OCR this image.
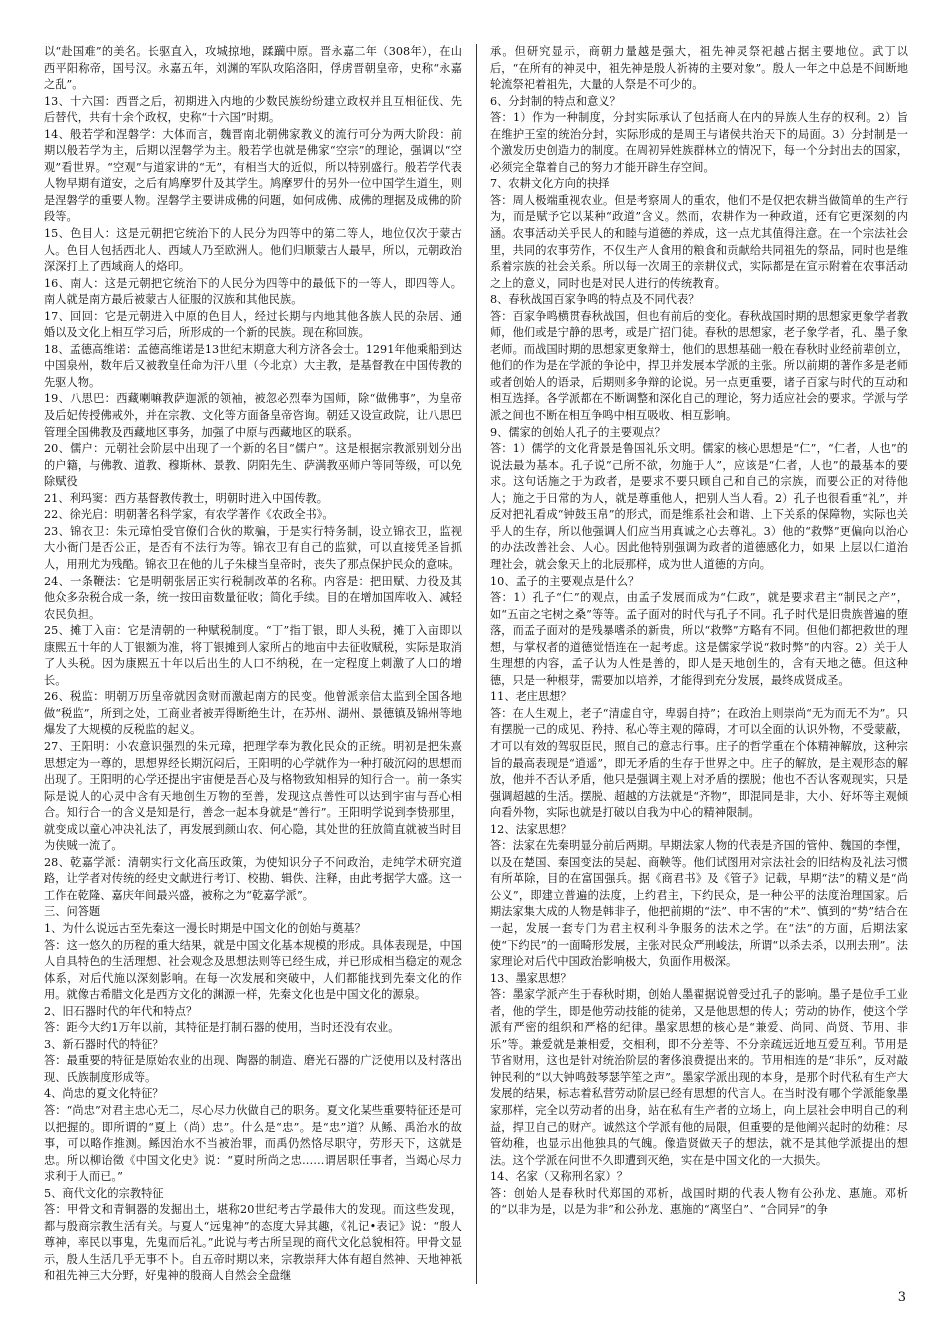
以“赴国难”的美名。长驱直入，攻城掠地，蹂躏中原。晋永嘉二年（308年），在山西平阳称帝，国号汉。永嘉五年，刘渊的军队攻陷洛阳，俘虏晋朝皇帝，史称“永嘉之乱”。

13、十六国：西晋之后，初期进入内地的少数民族纷纷建立政权并且互相征伐、先后替代，共有十余个政权，史称“十六国”时期。

14、般若学和涅磐学：大体而言，魏晋南北朝佛家教义的流行可分为两大阶段：前期以般若学为主，后期以涅磐学为主。般若学也就是佛家“空宗”的理论，强调以“空观”看世界。“空观”与道家讲的“无”，有相当大的近似，所以特别盛行。般若学代表人物早期有道安，之后有鸠摩罗什及其学生。鸠摩罗什的另外一位中国学生道生，则是涅磐学的重要人物。涅磐学主要讲成佛的问题，如何成佛、成佛的理据及成佛的阶段等。

15、色目人：这是元朝把它统治下的人民分为四等中的第二等人，地位仅次于蒙古人。色目人包括西北人、西域人乃至欧洲人。他们归顺蒙古人最早，所以，元朝政治深深打上了西域商人的烙印。

16、南人：这是元朝把它统治下的人民分为四等中的最低下的一等人，即四等人。南人就是南方最后被蒙古人征服的汉族和其他民族。

17、回回：它是元朝进入中原的色目人，经过长期与内地其他各族人民的杂居、通婚以及文化上相互学习后，所形成的一个新的民族。现在称回族。

18、孟德高维诺：孟德高维诺是13世纪末期意大利方济各会士。1291年他乘船到达中国泉州，数年后又被教皇任命为汗八里（今北京）大主教，是基督教在中国传教的先驱人物。

19、八思巴：西藏喇嘛教萨迦派的领袖，被忽必烈奉为国师，除“做佛事”，为皇帝及后妃传授佛戒外，并在宗教、文化等方面备皇帝咨询。朝廷又设宣政院，让八思巴管理全国佛教及西藏地区事务，加强了中原与西藏地区的联系。

20、儒户：元朝社会阶层中出现了一个新的名目“儒户”。这是根据宗教派别划分出的户籍，与佛教、道教、穆斯林、景教、阴阳先生、萨满教巫师户等同等级，可以免除赋役

21、利玛窦：西方基督教传教士，明朝时进入中国传教。

22、徐光启：明朝著名科学家，有农学著作《农政全书》。

23、锦衣卫：朱元璋怕受官僚们合伙的欺骗，于是实行特务制，设立锦衣卫，监视大小衙门是否公正，是否有不法行为等。锦衣卫有自己的监狱，可以直接凭圣旨抓人，用刑尤为残酷。锦衣卫在他的儿子朱棣当皇帝时，丧失了那点保护民众的意味。

24、一条鞭法：它是明朝张居正实行税制改革的名称。内容是：把田赋、力役及其他众多杂税合成一条，统一按田亩数量征收；简化手续。目的在增加国库收入、减轻农民负担。

25、摊丁入亩：它是清朝的一种赋税制度。“丁”指丁银，即人头税，摊丁入亩即以康熙五十年的人丁银额为准，将丁银摊到人家所占的地亩中去征收赋税，实际是取消了人头税。因为康熙五十年以后出生的人口不纳税，在一定程度上刺激了人口的增长。

26、税监：明朝万历皇帝就因贪财而激起南方的民变。他曾派亲信太监到全国各地做“税监”，所到之处，工商业者被弄得断绝生计，在苏州、湖州、景德镇及锦州等地爆发了大规模的反税监的起义。

27、王阳明：小农意识强烈的朱元璋，把理学奉为教化民众的正统。明初是把朱熹思想定为一尊的，思想界经长期沉闷后，王阳明的心学就作为一种打破沉闷的思想而出现了。王阳明的心学还提出宇宙便是吾心及与格物致知相异的知行合一。前一条实际是说人的心灵中含有天地创生万物的至善，发现这点善性可以达到宇宙与吾心相合。知行合一的含义是知是行，善念一起本身就是“善行”。王阳明学说到李贽那里，就变成以童心冲决礼法了，再发展到颜山农、何心隐，其处世的狂放简直就被当时目为侠贼一流了。

28、乾嘉学派：清朝实行文化高压政策，为使知识分子不问政治，走纯学术研究道路，让学者对传统的经史文献进行考订、校勘、辑佚、注释，由此考据学大盛。这一工作在乾隆、嘉庆年间最兴盛，被称之为“乾嘉学派”。

三、问答题

1、为什么说远古至先秦这一漫长时期是中国文化的创始与奠基？

答：这一悠久的历程的重大结果，就是中国文化基本规模的形成。具体表现是，中国人自具特色的生活理想、社会观念及思想法则等已经生成，并已形成相当稳定的观念体系，对后代施以深刻影响。在每一次发展和突破中，人们都能找到先秦文化的作用。就像古希腊文化是西方文化的渊源一样，先秦文化也是中国文化的源泉。

2、旧石器时代的年代和特点？

答：距今大约1万年以前，其特征是打制石器的使用，当时还没有农业。

3、新石器时代的特征？

答：最重要的特征是原始农业的出现、陶器的制造、磨光石器的广泛使用以及村落出现、氏族制度形成等。

4、尚忠的夏文化特征？

答：“尚忠”对君主忠心无二，尽心尽力伙做自己的职务。夏文化某些重要特征还是可以把握的。即所谓的“夏上（尚）忠”。什么是“忠”。是“忠”道？从鲧、禹治水的故事，可以略作推测。鲧因治水不当被治罪，而禹仍然恪尽职守，劳形天下，这就是忠。所以柳诒徵《中国文化史》说：“夏时所尚之忠……谓居职任事者，当竭心尽力求利于人而已。”

5、商代文化的宗教特征

答：甲骨文和青铜器的发掘出土，堪称20世纪考古学最伟大的发现。而这些发现，都与殷商宗教生活有关。与夏人“远鬼神”的态度大异其趣，《礼记•表记》说：“殷人尊神，率民以事鬼，先鬼而后礼。”此说与考古所呈现的商代文化总貌相符。甲骨文显示，殷人生活几乎无事不卜。自五帝时期以来，宗教崇拜大体有超自然神、天地神祇和祖先神三大分野，好鬼神的殷商人自然会全盘继

承。但研究显示，商朝力量越是强大，祖先神灵祭祀越占据主要地位。武丁以后，“在所有的神灵中，祖先神是殷人祈祷的主要对象”。殷人一年之中总是不间断地轮流祭祀着祖先，大量的人祭是不可少的。

6、分封制的特点和意义？

答：1）作为一种制度，分封实际承认了包括商人在内的异族人生存的权利。2）旨在维护王室的统治分封，实际形成的是周王与诸侯共治天下的局面。3）分封制是一个激发历史创造力的制度。在周初异姓族群林立的情况下，每一个分封出去的国家，必须完全靠着自己的努力才能开辟生存空间。

7、农耕文化方向的抉择

答：周人极端重视农业。但是考察周人的重农，他们不是仅把农耕当做简单的生产行为，而是赋予它以某种“政道”含义。然而，农耕作为一种政道，还有它更深刻的内涵。农事活动关乎民人的和睦与道德的养成，这一点尤其值得注意。在一个宗法社会里，共同的农事劳作，不仅生产人食用的粮食和贡献给共同祖先的祭品，同时也是维系着宗族的社会关系。所以每一次周王的亲耕仪式，实际都是在宣示附着在农事活动之上的意义，同时也是对民人进行的传统教育。

8、春秋战国百家争鸣的特点及不同代表？

答：百家争鸣横贯春秋战国，但也有前后的变化。春秋战国时期的思想家更象学者教师，他们或是宁静的思考，或是广招门徒。春秋的思想家，老子象学者，孔、墨子象老师。而战国时期的思想家更象辩士，他们的思想基础一般在春秋时业经前辈创立，他们的作为是在学派的争论中，捍卫并发展本学派的主张。所以前期的著作多是老师或者创始人的语录，后期则多争辩的论说。另一点更重要，诸子百家与时代的互动和相互选择。各学派都在不断调整和深化自己的理论，努力适应社会的要求。学派与学派之间也不断在相互争鸣中相互吸收、相互影响。

9、儒家的创始人孔子的主要观点？

答：1）儒学的文化背景是鲁国礼乐文明。儒家的核心思想是“仁”，“仁者，人也”的说法最为基本。孔子说“己所不欲，勿施于人”，应该是“仁者，人也”的最基本的要求。这句话施之于为政者，是要求不要只顾自己和自己的宗族，而要公正的对待他人；施之于日常的为人，就是尊重他人，把别人当人看。2）孔子也很看重“礼”，并反对把礼看成“钟鼓玉帛”的形式，而是维系社会和谐、上下关系的保障物，实际也关乎人的生存，所以他强调人们应当用真诚之心去尊礼。3）他的“救弊”更偏向以治心的办法改善社会、人心。因此他特别强调为政者的道德感化力，如果 上层以仁道治理社会，就会象天上的北辰那样，成为世人道德的方向。

10、孟子的主要观点是什么？

答：1）孔子“仁”的观点，由孟子发展而成为“仁政”，就是要求君主“制民之产”，如“五亩之宅树之桑”等等。孟子面对的时代与孔子不同。孔子时代是旧贵族普遍的堕落，而孟子面对的是残暴嗜杀的新贵，所以“救弊”方略有不同。但他们都把救世的理想，与掌权者的道德觉悟连在一起考虑。这是儒家学说“救时弊”的内容。2）关于人生理想的内容，孟子认为人性是善的，即人是天地创生的，含有天地之德。但这种德，只是一种根芽，需要加以培养，才能得到充分发展，最终成贤成圣。

11、老庄思想？

答：在人生观上，老子“清虚自守，卑弱自持”；在政治上则崇尚“无为而无不为”。只有摆脱一己的成见、矜持、私心等主观的障碍，才可以全面的认识外物，不受蒙蔽，才可以有效的驾驭臣民，照自己的意志行事。庄子的哲学重在个体精神解放，这种宗旨的最高表现是“逍遥”，即无矛盾的生存于世界之中。庄子的解放，是主观形态的解放，他并不否认矛盾，他只是强调主观上对矛盾的摆脱；他也不否认客观现实，只是强调超越的生活。摆脱、超越的方法就是“齐物”，即混同是非，大小、好坏等主观倾向看外物，实际也就是打破以自我为中心的精神限制。

12、法家思想？

答：法家在先秦明显分前后两期。早期法家人物的代表是齐国的管仲、魏国的李悝，以及在楚国、秦国变法的吴起、商鞅等。他们试图用对宗法社会的旧结构及礼法习惯有所革除，目的在富国强兵。据《商君书》及《管子》记载，早期“法”的精义是“尚公义”，即建立普遍的法度，上约君主，下约民众，是一种公平的法度治理国家。后期法家集大成的人物是韩非子，他把前期的“法”、申不害的“术”、慎到的“势”结合在一起，发展一套专门为君主权利斗争服务的法术之学。在“法”的方面，后期法家使“下约民”的一面畸形发展，主张对民众严刑峻法，所谓“以杀去杀，以刑去刑”。法家理论对后代中国政治影响极大，负面作用极深。

13、墨家思想？

答：墨家学派产生于春秋时期，创始人墨翟据说曾受过孔子的影响。墨子是位手工业者，他的学生，即是他劳动技能的徒弟，又是他思想的传人；劳动的协作，使这个学派有严密的组织和严格的纪律。墨家思想的核心是“兼爱、尚同、尚贤、节用、非乐”等。兼爱就是兼相爱，交相利，即不分差等、不分亲疏远近地互爱互利。节用是节省财用，这也是针对统治阶层的奢侈浪费提出来的。节用相连的是“非乐”，反对敲钟民利的“以大钟鸣鼓琴瑟竽笙之声”。墨家学派出现的本身，是那个时代私有生产大发展的结果，标志着私营劳动阶层已经有思想的代言人。在当时没有哪个学派能象墨家那样，完全以劳动者的出身，站在私有生产者的立场上，向上层社会申明自己的利益，捍卫自己的财产。诚然这个学派有他的局限，但重要的是他阐兴起时的幼稚：尽管幼稚，也显示出他独具的气魄。像造贤做天子的想法，就不是其他学派提出的想法。这个学派在问世不久即遭到灭绝，实在是中国文化的一大损失。

14、名家（又称刑名家）？

答：创始人是春秋时代郑国的邓析，战国时期的代表人物有公孙龙、惠施。邓析的“以非为是，以是为非”和公孙龙、惠施的“离坚白”、“合同异”的争

3
